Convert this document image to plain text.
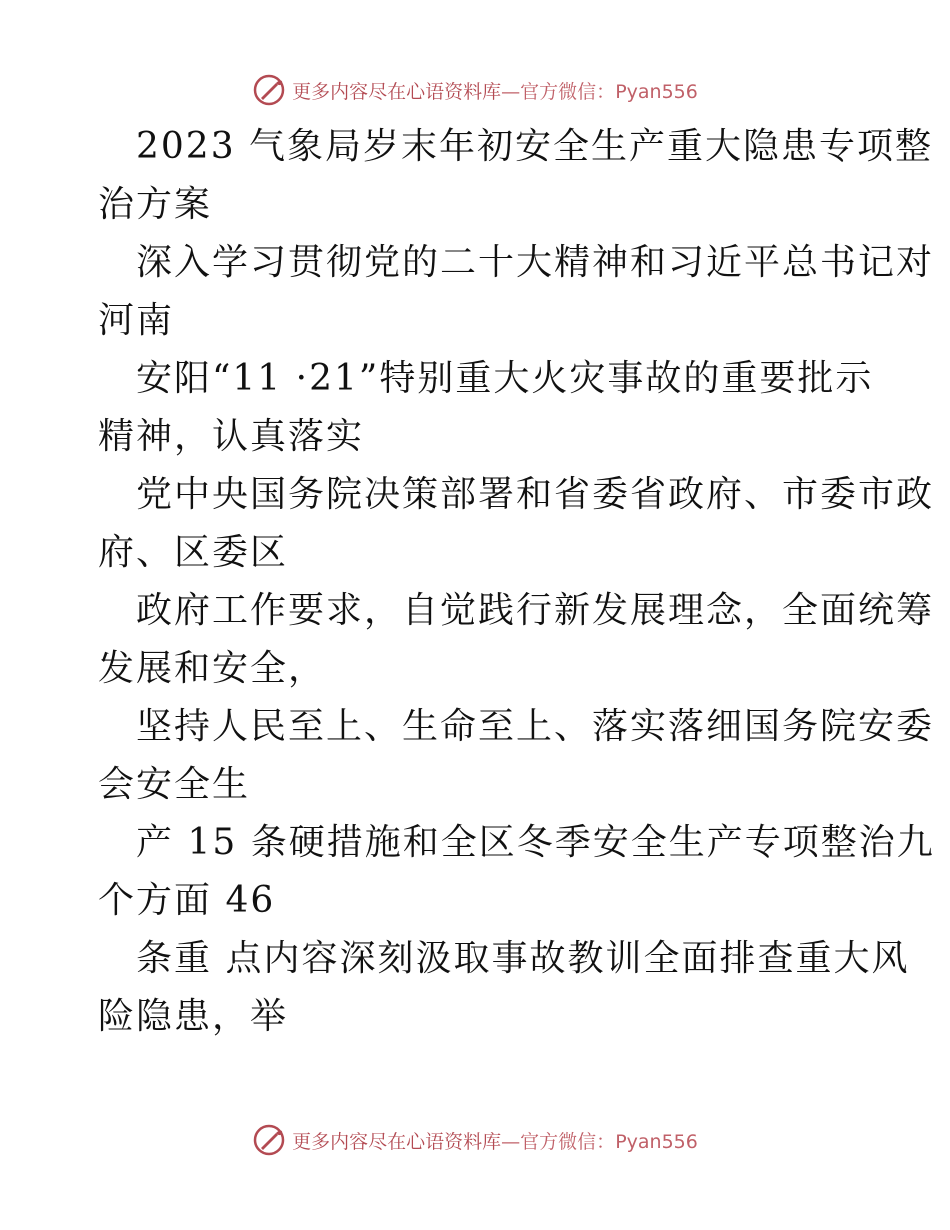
更多内容尽在心语资料库—官方微信：Pyan556
2023 气象局岁末年初安全生产重大隐患专项整
治方案
深入学习贯彻党的二十大精神和习近平总书记对
河南
安阳“11 ·21”特别重大火灾事故的重要批示
精神，认真落实
党中央国务院决策部署和省委省政府、市委市政
府、区委区
政府工作要求，自觉践行新发展理念，全面统筹
发展和安全，
坚持人民至上、生命至上、落实落细国务院安委
会安全生
产 15 条硬措施和全区冬季安全生产专项整治九
个方面 46
条重 点内容深刻汲取事故教训全面排查重大风
险隐患，举
更多内容尽在心语资料库—官方微信：Pyan556
